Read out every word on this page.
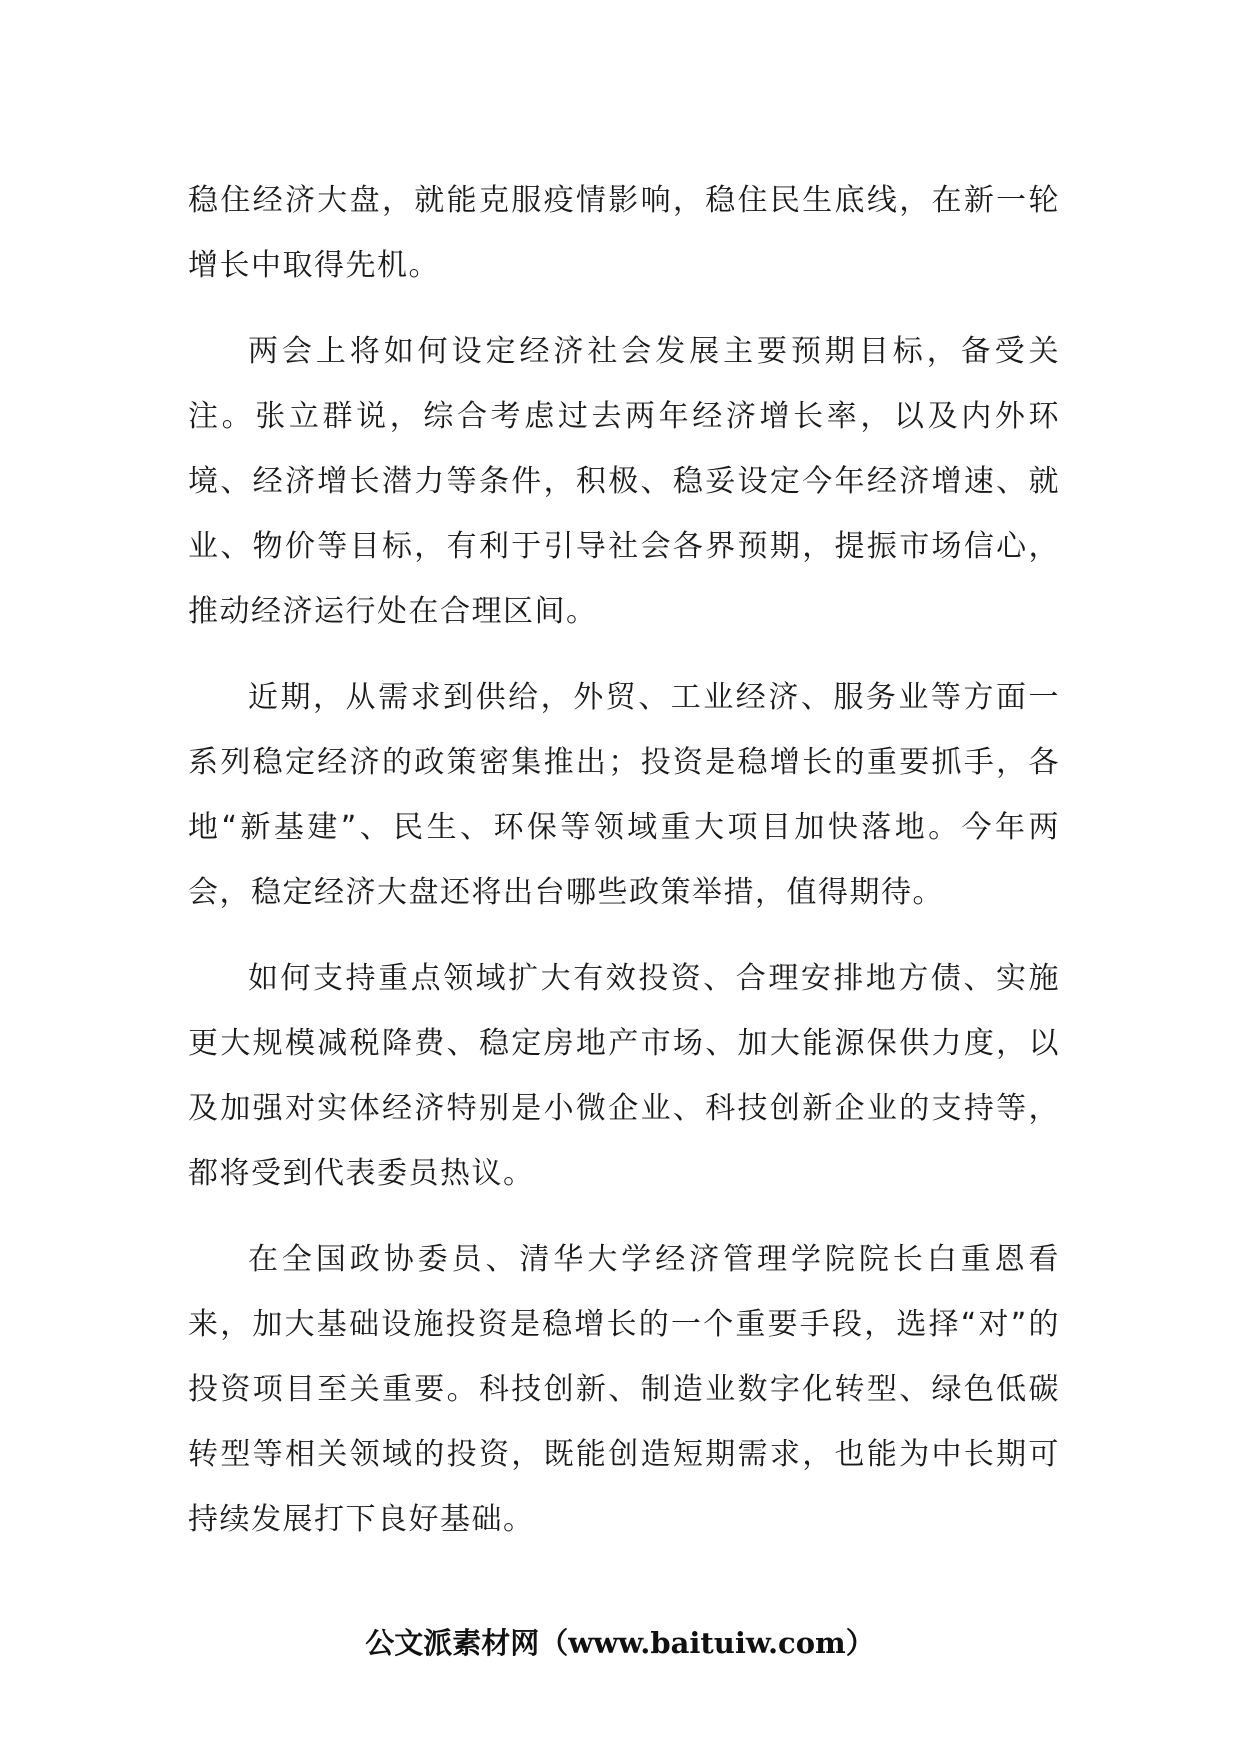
稳住经济大盘，就能克服疫情影响，稳住民生底线，在新一轮增长中取得先机。

两会上将如何设定经济社会发展主要预期目标，备受关注。张立群说，综合考虑过去两年经济增长率，以及内外环境、经济增长潜力等条件，积极、稳妥设定今年经济增速、就业、物价等目标，有利于引导社会各界预期，提振市场信心，推动经济运行处在合理区间。

近期，从需求到供给，外贸、工业经济、服务业等方面一系列稳定经济的政策密集推出；投资是稳增长的重要抓手，各地“新基建”、民生、环保等领域重大项目加快落地。今年两会，稳定经济大盘还将出台哪些政策举措，值得期待。

如何支持重点领域扩大有效投资、合理安排地方债、实施更大规模减税降费、稳定房地产市场、加大能源保供力度，以及加强对实体经济特别是小微企业、科技创新企业的支持等，都将受到代表委员热议。

在全国政协委员、清华大学经济管理学院院长白重恩看来，加大基础设施投资是稳增长的一个重要手段，选择“对”的投资项目至关重要。科技创新、制造业数字化转型、绿色低碳转型等相关领域的投资，既能创造短期需求，也能为中长期可持续发展打下良好基础。

公文派素材网（www.baituiw.com）
